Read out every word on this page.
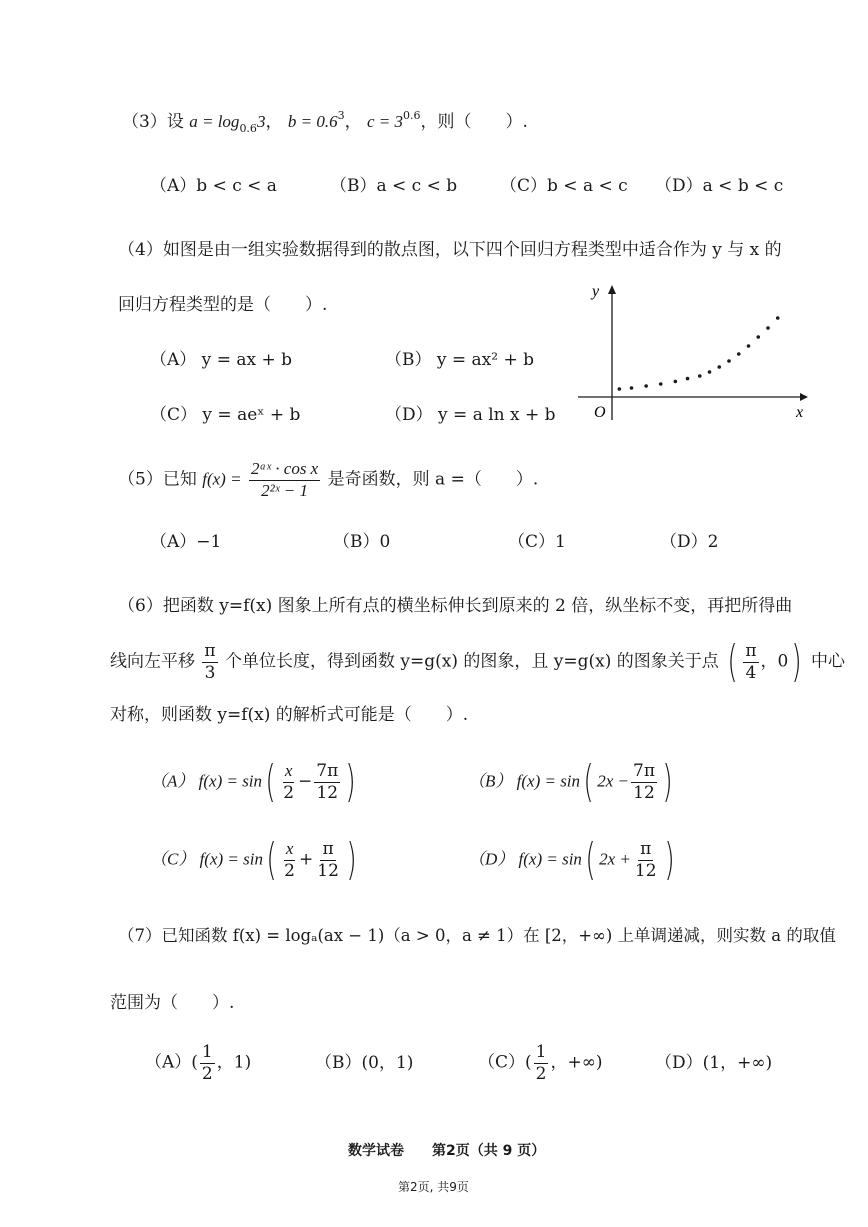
（3）设 $a = \log_{0.6}3$， $b = 0.6^3$， $c = 3^{0.6}$，则（　　）.
（A）b < c < a	（B）a < c < b	（C）b < a < c （D）a < b < c
（4）如图是由一组实验数据得到的散点图，以下四个回归方程类型中适合作为 y 与 x 的
回归方程类型的是（　　）.
（A） y = ax + b	（B） y = ax² + b
（C） y = aeˣ + b	（D） y = a ln x + b
y
x
O
（5）已知 $f(x) = \frac{\text{2ᵃˣ · cos x}}{\text{2²ˣ − 1}}$ 是奇函数，则 a =（　　）.
（A）−1	（B）0	（C）1	（D）2
（6）把函数 y=f(x) 图象上所有点的横坐标伸长到原来的 2 倍，纵坐标不变，再把所得曲
线向左平移 $\frac{\pi}{3}$ 个单位长度，得到函数 y=g(x) 的图象，且 y=g(x) 的图象关于点 ( $\frac{\pi}{4}$ ，0) 中心
对称，则函数 y=f(x) 的解析式可能是（　　）.
（A） $f(x) = \sin( \frac{x}{2} - \frac{7\pi}{12}$ )	（B） f(x) = sin( $2x - \frac{7\pi}{12}$ )
（C） $f(x) = \sin( \frac{x}{2} + \frac{\pi}{12}$ )	（D） f(x) = sin( $2x + \frac{\pi}{12}$ )
（7）已知函数 f(x) = logₐ(ax − 1)（a > 0，a ≠ 1）在 [2，+∞) 上单调递减，则实数 a 的取值
范围为（　　）.
$(A)( \frac{1}{2}$ ，1)	（B）(0，1)	$(C)( \frac{1}{2}$ ，+∞)	（D）(1，+∞)
数学试卷　　第2页（共 9 页）
第2页, 共9页
